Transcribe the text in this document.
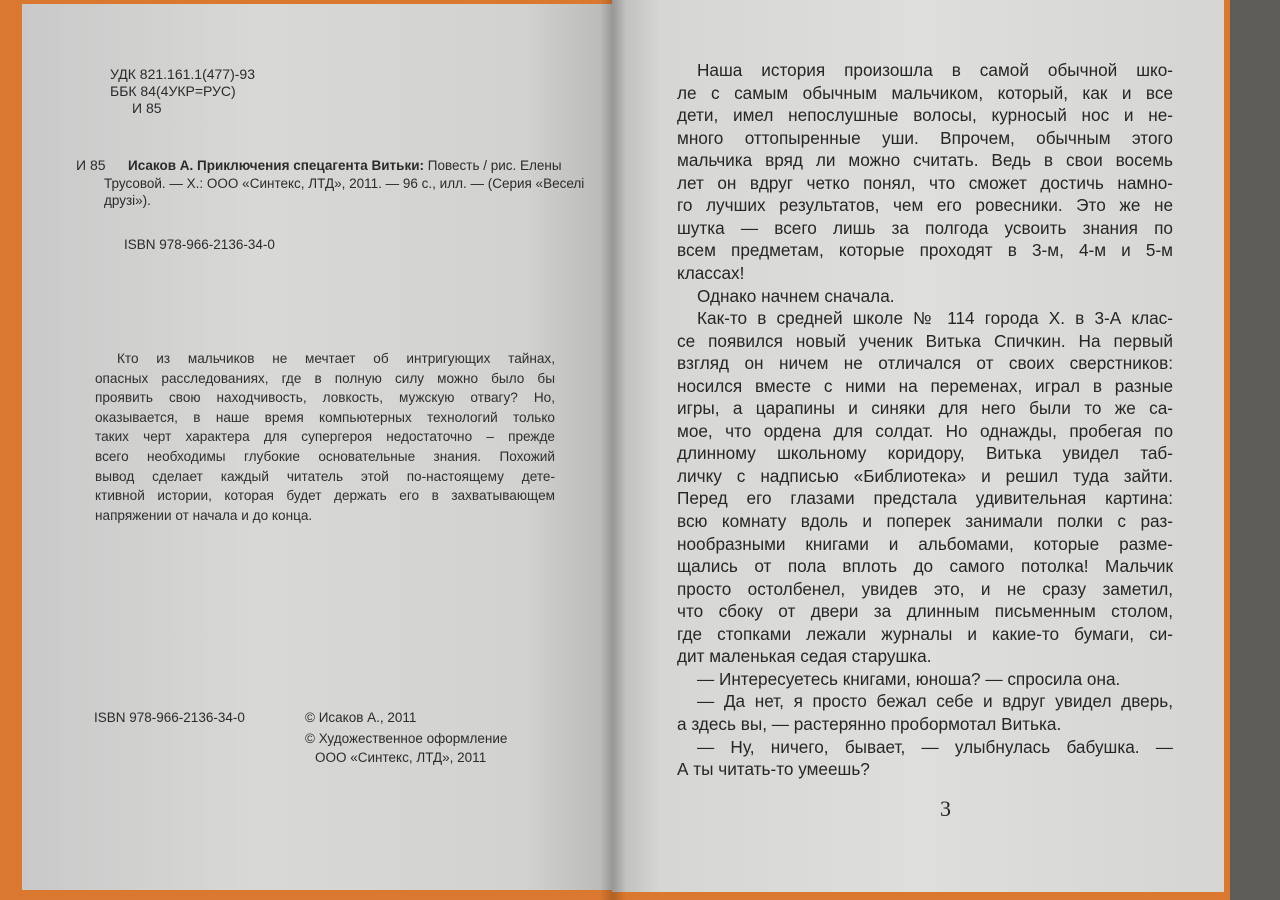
УДК 821.161.1(477)-93
ББК 84(4УКР=РУС)
И 85
И 85 Исаков А. Приключения спецагента Витьки: Повесть / рис. Елены
Трусовой. — Х.: ООО «Синтекс, ЛТД», 2011. — 96 с., илл. — (Серия «Веселі
друзі»).
ISBN 978-966-2136-34-0
Кто из мальчиков не мечтает об интригующих тайнах,
опасных расследованиях, где в полную силу можно было бы
проявить свою находчивость, ловкость, мужскую отвагу? Но,
оказывается, в наше время компьютерных технологий только
таких черт характера для супергероя недостаточно – прежде
всего необходимы глубокие основательные знания. Похожий
вывод сделает каждый читатель этой по-настоящему дете-
ктивной истории, которая будет держать его в захватывающем
напряжении от начала и до конца.
ISBN 978-966-2136-34-0	© Исаков А., 2011
© Художественное оформление
ООО «Синтекс, ЛТД», 2011
Наша история произошла в самой обычной шко-
ле с самым обычным мальчиком, который, как и все
дети, имел непослушные волосы, курносый нос и не-
много оттопыренные уши. Впрочем, обычным этого
мальчика вряд ли можно считать. Ведь в свои восемь
лет он вдруг четко понял, что сможет достичь намно-
го лучших результатов, чем его ровесники. Это же не
шутка — всего лишь за полгода усвоить знания по
всем предметам, которые проходят в 3-м, 4-м и 5-м
классах!
Однако начнем сначала.
Как-то в средней школе № 114 города Х. в 3-А клас-
се появился новый ученик Витька Спичкин. На первый
взгляд он ничем не отличался от своих сверстников:
носился вместе с ними на переменах, играл в разные
игры, а царапины и синяки для него были то же са-
мое, что ордена для солдат. Но однажды, пробегая по
длинному школьному коридору, Витька увидел таб-
личку с надписью «Библиотека» и решил туда зайти.
Перед его глазами предстала удивительная картина:
всю комнату вдоль и поперек занимали полки с раз-
нообразными книгами и альбомами, которые разме-
щались от пола вплоть до самого потолка! Мальчик
просто остолбенел, увидев это, и не сразу заметил,
что сбоку от двери за длинным письменным столом,
где стопками лежали журналы и какие-то бумаги, си-
дит маленькая седая старушка.
— Интересуетесь книгами, юноша? — спросила она.
— Да нет, я просто бежал себе и вдруг увидел дверь,
а здесь вы, — растерянно пробормотал Витька.
— Ну, ничего, бывает, — улыбнулась бабушка. —
А ты читать-то умеешь?
3
